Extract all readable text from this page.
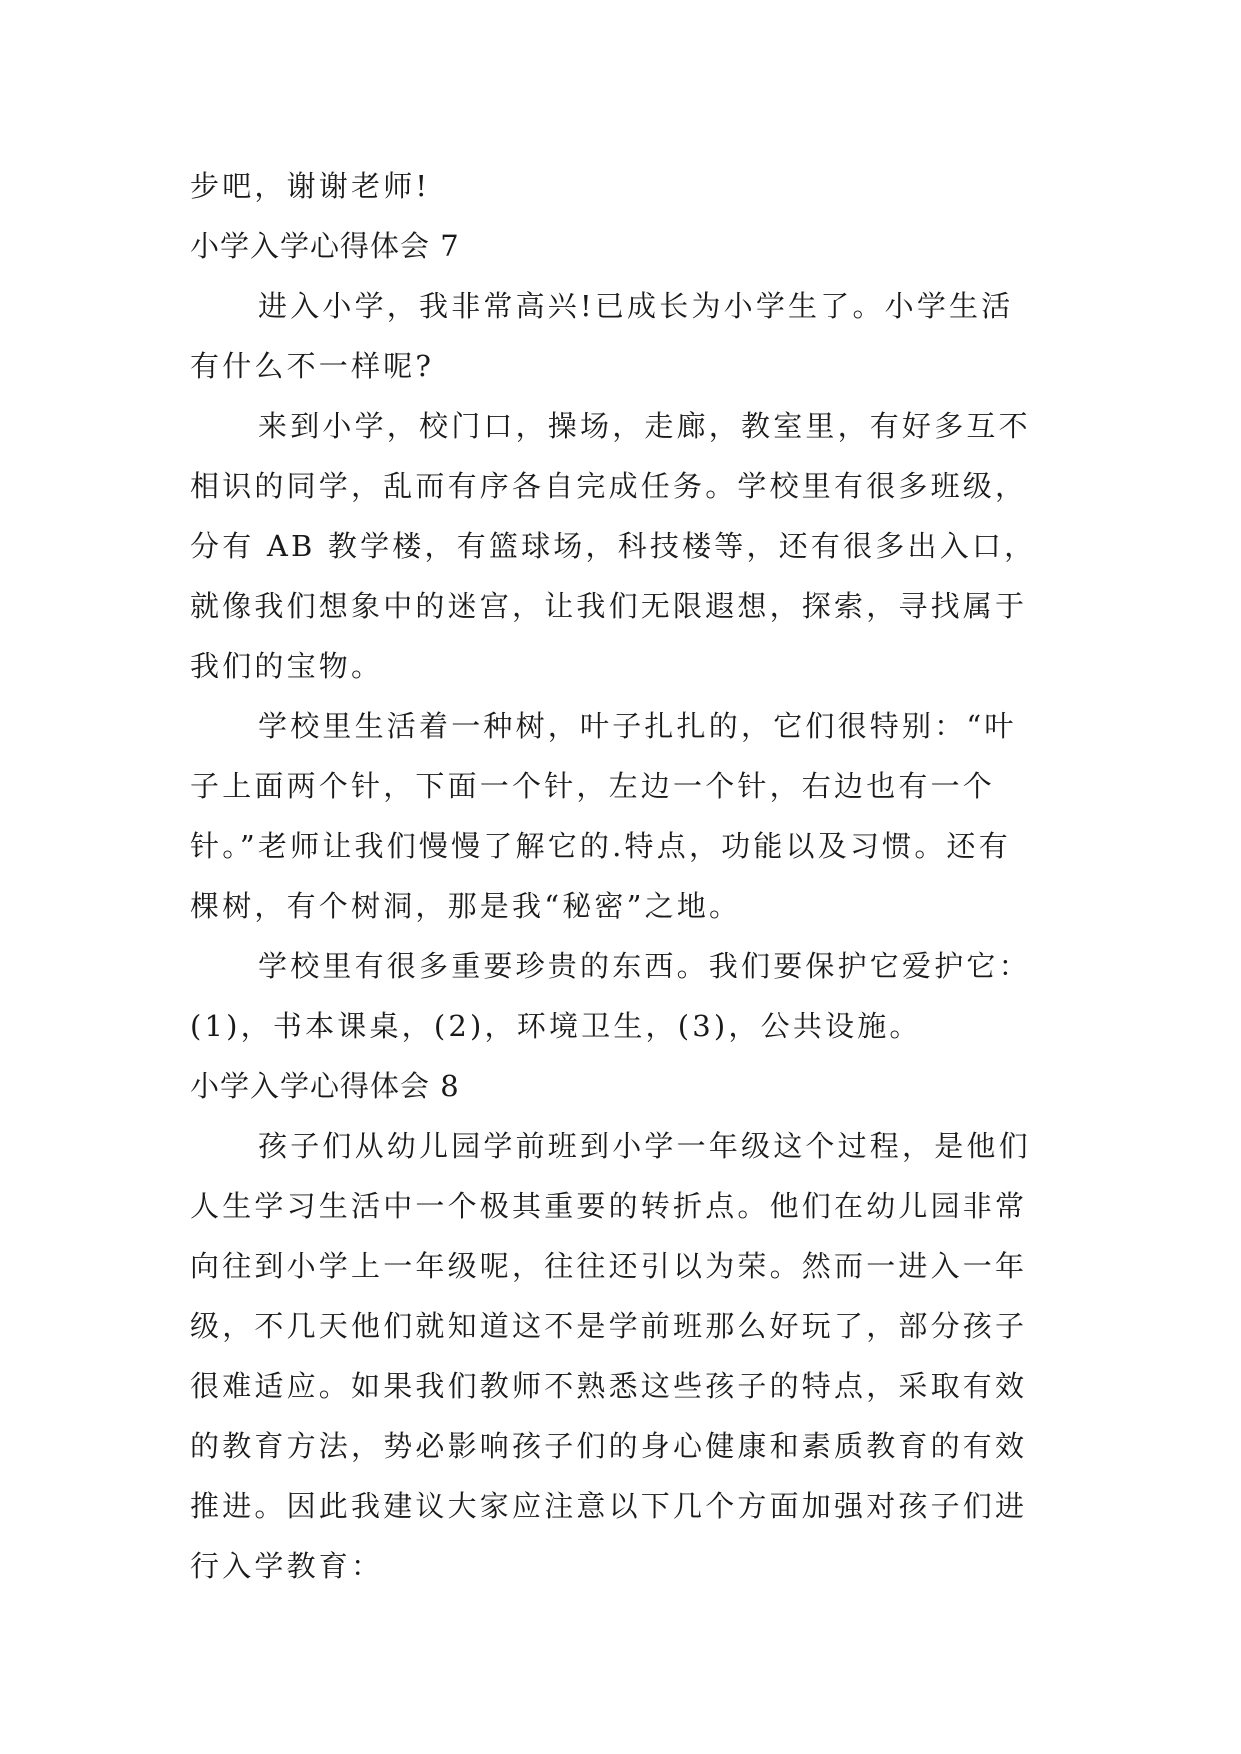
步吧，谢谢老师!
小学入学心得体会 7
进入小学，我非常高兴!已成长为小学生了。小学生活
有什么不一样呢?
来到小学，校门口，操场，走廊，教室里，有好多互不
相识的同学，乱而有序各自完成任务。学校里有很多班级，
分有 AB 教学楼，有篮球场，科技楼等，还有很多出入口，
就像我们想象中的迷宫，让我们无限遐想，探索，寻找属于
我们的宝物。
学校里生活着一种树，叶子扎扎的，它们很特别：“叶
子上面两个针，下面一个针，左边一个针，右边也有一个
针。”老师让我们慢慢了解它的.特点，功能以及习惯。还有
棵树，有个树洞，那是我“秘密”之地。
学校里有很多重要珍贵的东西。我们要保护它爱护它：
(1)，书本课桌，(2)，环境卫生，(3)，公共设施。
小学入学心得体会 8
孩子们从幼儿园学前班到小学一年级这个过程，是他们
人生学习生活中一个极其重要的转折点。他们在幼儿园非常
向往到小学上一年级呢，往往还引以为荣。然而一进入一年
级，不几天他们就知道这不是学前班那么好玩了，部分孩子
很难适应。如果我们教师不熟悉这些孩子的特点，采取有效
的教育方法，势必影响孩子们的身心健康和素质教育的有效
推进。因此我建议大家应注意以下几个方面加强对孩子们进
行入学教育：
